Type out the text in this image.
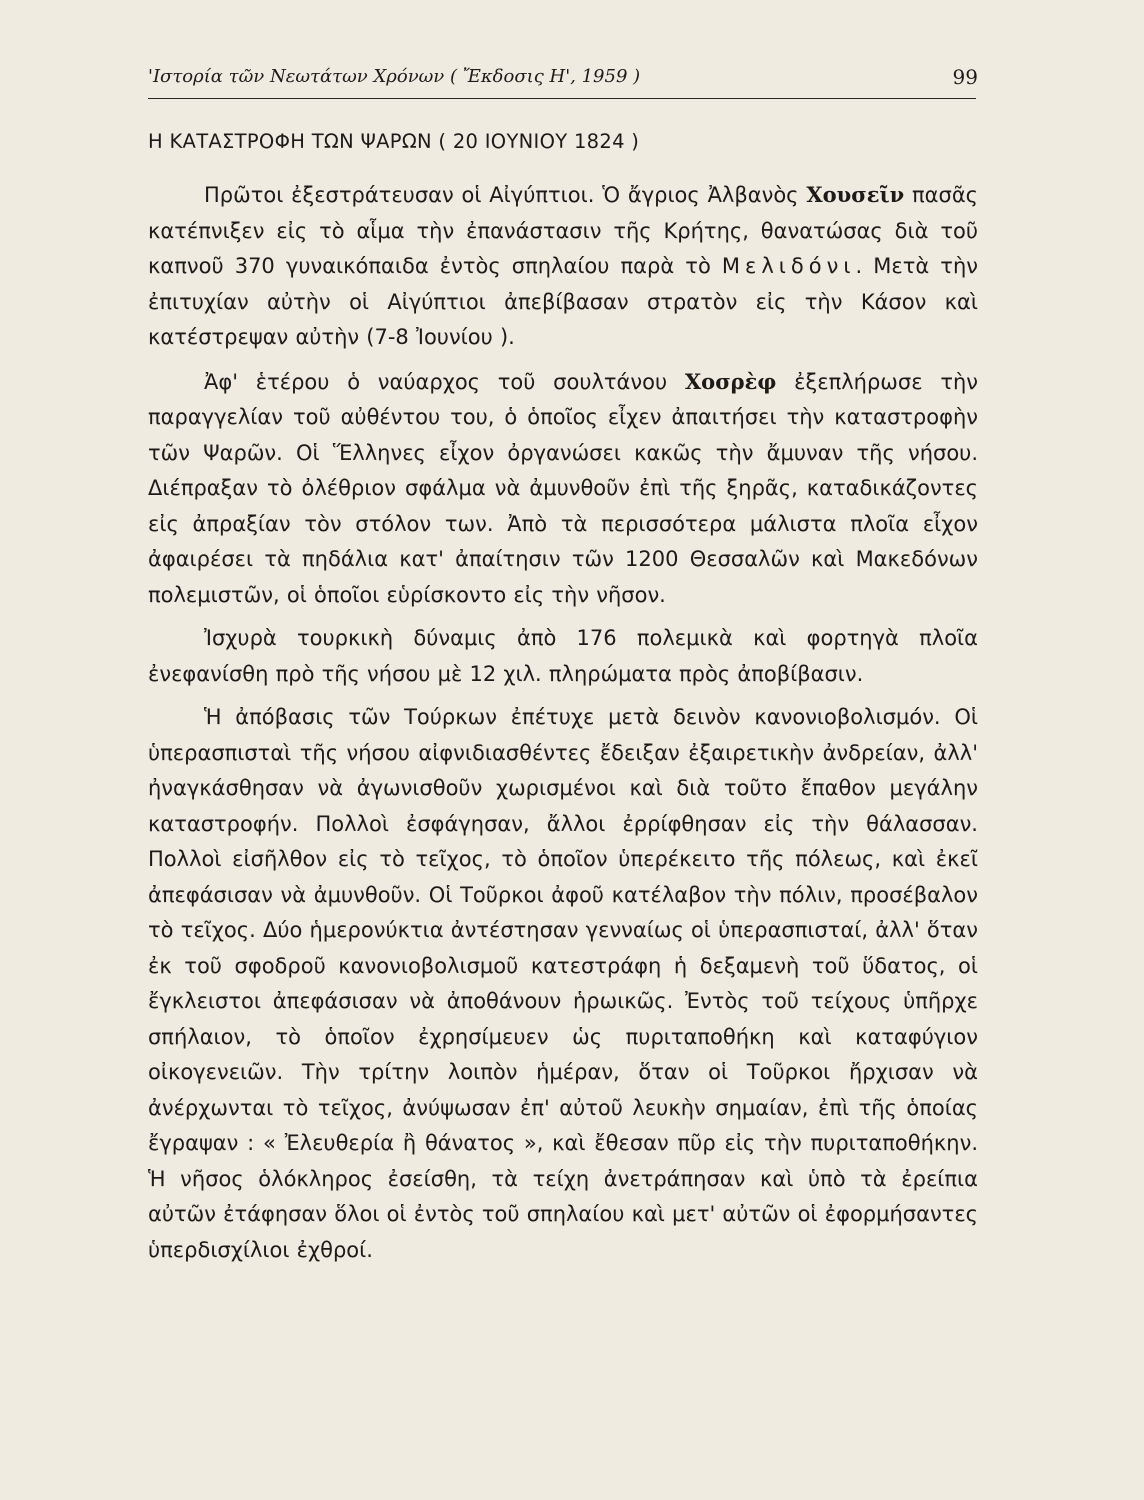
'Ιστορία τῶν Νεωτάτων Χρόνων ( Ἔκδοσις Η', 1959 )	99
Η ΚΑΤΑΣΤΡΟΦΗ ΤΩΝ ΨΑΡΩΝ ( 20 ΙΟΥΝΙΟΥ 1824 )

Πρῶτοι ἐξεστράτευσαν οἱ Αἰγύπτιοι. Ὁ ἄγριος Ἀλβανὸς Χουσεῖν πασᾶς κατέπνιξεν εἰς τὸ αἷμα τὴν ἐπανάστασιν τῆς Κρήτης, θανατώσας διὰ τοῦ καπνοῦ 370 γυναικόπαιδα ἐντὸς σπηλαίου παρὰ τὸ Μελιδόνι. Μετὰ τὴν ἐπιτυχίαν αὐτὴν οἱ Αἰγύπτιοι ἀπεβίβασαν στρατὸν εἰς τὴν Κάσον καὶ κατέστρεψαν αὐτὴν (7-8 Ἰουνίου ).

Ἀφ' ἑτέρου ὁ ναύαρχος τοῦ σουλτάνου Χοσρὲφ ἐξεπλήρωσε τὴν παραγγελίαν τοῦ αὐθέντου του, ὁ ὁποῖος εἶχεν ἀπαιτήσει τὴν καταστροφὴν τῶν Ψαρῶν. Οἱ Ἕλληνες εἶχον ὀργανώσει κακῶς τὴν ἄμυναν τῆς νήσου. Διέπραξαν τὸ ὀλέθριον σφάλμα νὰ ἀμυνθοῦν ἐπὶ τῆς ξηρᾶς, καταδικάζοντες εἰς ἀπραξίαν τὸν στόλον των. Ἀπὸ τὰ περισσότερα μάλιστα πλοῖα εἶχον ἀφαιρέσει τὰ πηδάλια κατ' ἀπαίτησιν τῶν 1200 Θεσσαλῶν καὶ Μακεδόνων πολεμιστῶν, οἱ ὁποῖοι εὑρίσκοντο εἰς τὴν νῆσον.

Ἰσχυρὰ τουρκικὴ δύναμις ἀπὸ 176 πολεμικὰ καὶ φορτηγὰ πλοῖα ἐνεφανίσθη πρὸ τῆς νήσου μὲ 12 χιλ. πληρώματα πρὸς ἀποβίβασιν.

Ἡ ἀπόβασις τῶν Τούρκων ἐπέτυχε μετὰ δεινὸν κανονιοβολισμόν. Οἱ ὑπερασπισταὶ τῆς νήσου αἰφνιδιασθέντες ἔδειξαν ἐξαιρετικὴν ἀνδρείαν, ἀλλ' ἠναγκάσθησαν νὰ ἀγωνισθοῦν χωρισμένοι καὶ διὰ τοῦτο ἔπαθον μεγάλην καταστροφήν. Πολλοὶ ἐσφάγησαν, ἄλλοι ἐρρίφθησαν εἰς τὴν θάλασσαν. Πολλοὶ εἰσῆλθον εἰς τὸ τεῖχος, τὸ ὁποῖον ὑπερέκειτο τῆς πόλεως, καὶ ἐκεῖ ἀπεφάσισαν νὰ ἀμυνθοῦν. Οἱ Τοῦρκοι ἀφοῦ κατέλαβον τὴν πόλιν, προσέβαλον τὸ τεῖχος. Δύο ἡμερονύκτια ἀντέστησαν γενναίως οἱ ὑπερασπισταί, ἀλλ' ὅταν ἐκ τοῦ σφοδροῦ κανονιοβολισμοῦ κατεστράφη ἡ δεξαμενὴ τοῦ ὕδατος, οἱ ἔγκλειστοι ἀπεφάσισαν νὰ ἀποθάνουν ἡρωικῶς. Ἐντὸς τοῦ τείχους ὑπῆρχε σπήλαιον, τὸ ὁποῖον ἐχρησίμευεν ὡς πυριταποθήκη καὶ καταφύγιον οἰκογενειῶν. Τὴν τρίτην λοιπὸν ἡμέραν, ὅταν οἱ Τοῦρκοι ἤρχισαν νὰ ἀνέρχωνται τὸ τεῖχος, ἀνύψωσαν ἐπ' αὐτοῦ λευκὴν σημαίαν, ἐπὶ τῆς ὁποίας ἔγραψαν : « Ἐλευθερία ἢ θάνατος », καὶ ἔθεσαν πῦρ εἰς τὴν πυριταποθήκην. Ἡ νῆσος ὁλόκληρος ἐσείσθη, τὰ τείχη ἀνετράπησαν καὶ ὑπὸ τὰ ἐρείπια αὐτῶν ἐτάφησαν ὅλοι οἱ ἐντὸς τοῦ σπηλαίου καὶ μετ' αὐτῶν οἱ ἐφορμήσαντες ὑπερδισχίλιοι ἐχθροί.
